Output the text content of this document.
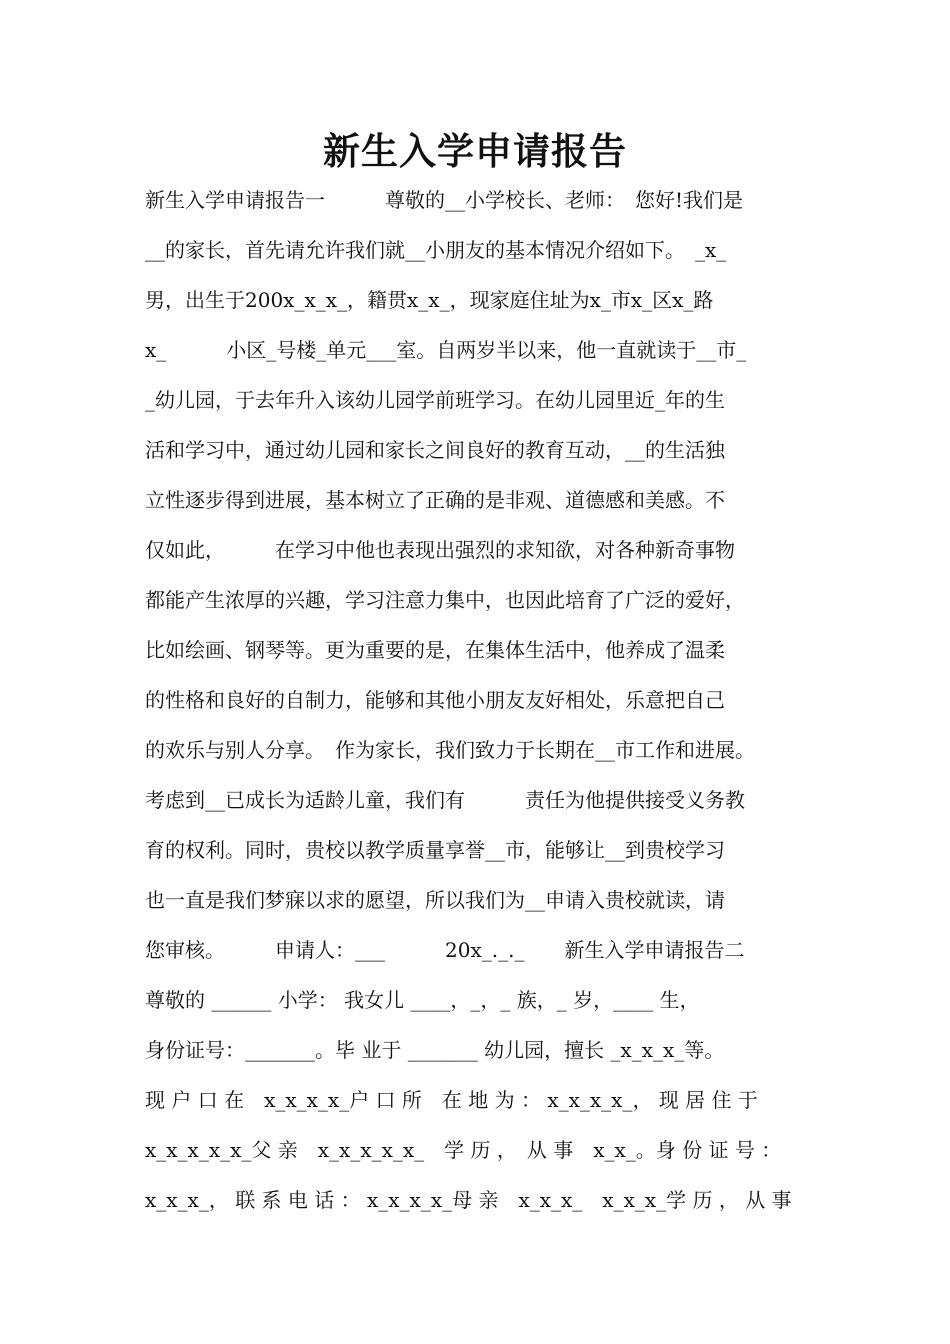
新生入学申请报告
新生入学申请报告一　　　尊敬的__小学校长、老师：　您好!我们是
__的家长，首先请允许我们就__小朋友的基本情况介绍如下。　_x_
男，出生于200x_x_x_，籍贯x_x_，现家庭住址为x_市x_区x_路
x_　　　小区_号楼_单元___室。自两岁半以来，他一直就读于__市_
_幼儿园，于去年升入该幼儿园学前班学习。在幼儿园里近_年的生
活和学习中，通过幼儿园和家长之间良好的教育互动，__的生活独
立性逐步得到进展，基本树立了正确的是非观、道德感和美感。不
仅如此，　　　在学习中他也表现出强烈的求知欲，对各种新奇事物
都能产生浓厚的兴趣，学习注意力集中，也因此培育了广泛的爱好，
比如绘画、钢琴等。更为重要的是，在集体生活中，他养成了温柔
的性格和良好的自制力，能够和其他小朋友友好相处，乐意把自己
的欢乐与别人分享。　作为家长，我们致力于长期在__市工作和进展。
考虑到__已成长为适龄儿童，我们有　　　责任为他提供接受义务教
育的权利。同时，贵校以教学质量享誉__市，能够让__到贵校学习
也一直是我们梦寐以求的愿望，所以我们为__申请入贵校就读，请
您审核。　　　申请人：___　　　20x_._._　　新生入学申请报告二
尊敬的 ______ 小学： 我女儿 ____，_，_ 族，_ 岁，____ 生，
身份证号：_______。毕 业于 _______ 幼儿园，擅长 _x_x_x_等。
现 户 口 在　x_x_x_x_户 口 所　在 地 为 ： x_x_x_x_， 现 居 住 于
x_x_x_x_x_父 亲　x_x_x_x_x_　学 历 ，　从 事　x_x_。身 份 证 号 ：
x_x_x_， 联 系 电 话 ： x_x_x_x_母 亲　x_x_x_　x_x_x_学 历 ， 从 事
